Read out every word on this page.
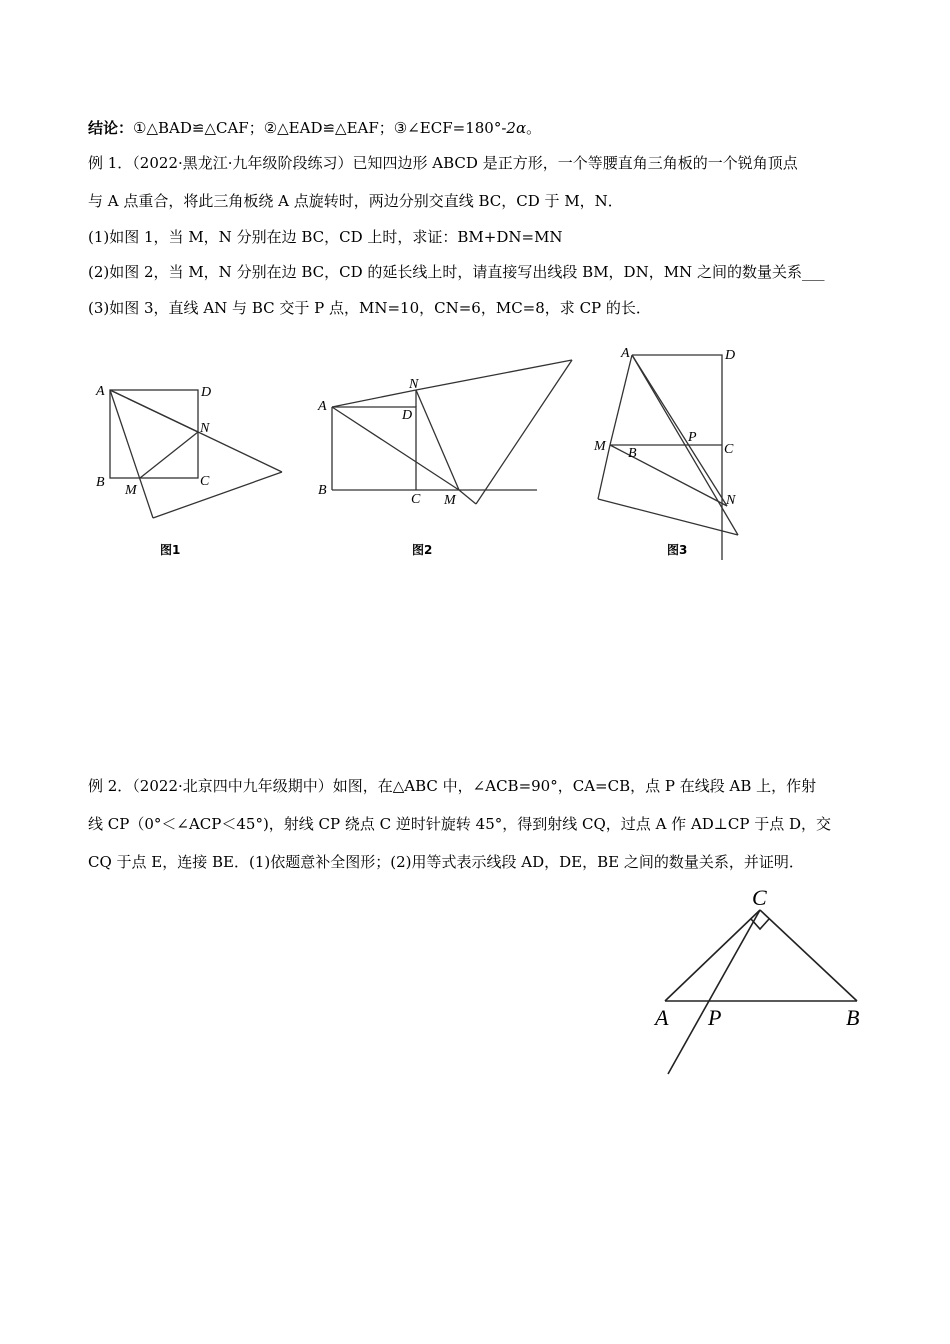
结论：①△BAD≌△CAF；②△EAD≌△EAF；③∠ECF=180°-2α。
例 1．（2022·黑龙江·九年级阶段练习）已知四边形 ABCD 是正方形，一个等腰直角三角板的一个锐角顶点
与 A 点重合，将此三角板绕 A 点旋转时，两边分别交直线 BC，CD 于 M，N．
(1)如图 1，当 M，N 分别在边 BC，CD 上时，求证：BM+DN=MN
(2)如图 2，当 M，N 分别在边 BC，CD 的延长线上时，请直接写出线段 BM，DN，MN 之间的数量关系___
(3)如图 3，直线 AN 与 BC 交于 P 点，MN=10，CN=6，MC=8，求 CP 的长．
A	D
B	C
M
N
图1
A
D
B
C M
N
图2
A	D
M B
P
C
N
图3
例 2．（2022·北京四中九年级期中）如图，在△ABC 中，∠ACB=90°，CA=CB，点 P 在线段 AB 上，作射
线 CP（0°＜∠ACP＜45°)，射线 CP 绕点 C 逆时针旋转 45°，得到射线 CQ，过点 A 作 AD⊥CP 于点 D，交
CQ 于点 E，连接 BE．(1)依题意补全图形；(2)用等式表示线段 AD，DE，BE 之间的数量关系，并证明．
C
A P	B
